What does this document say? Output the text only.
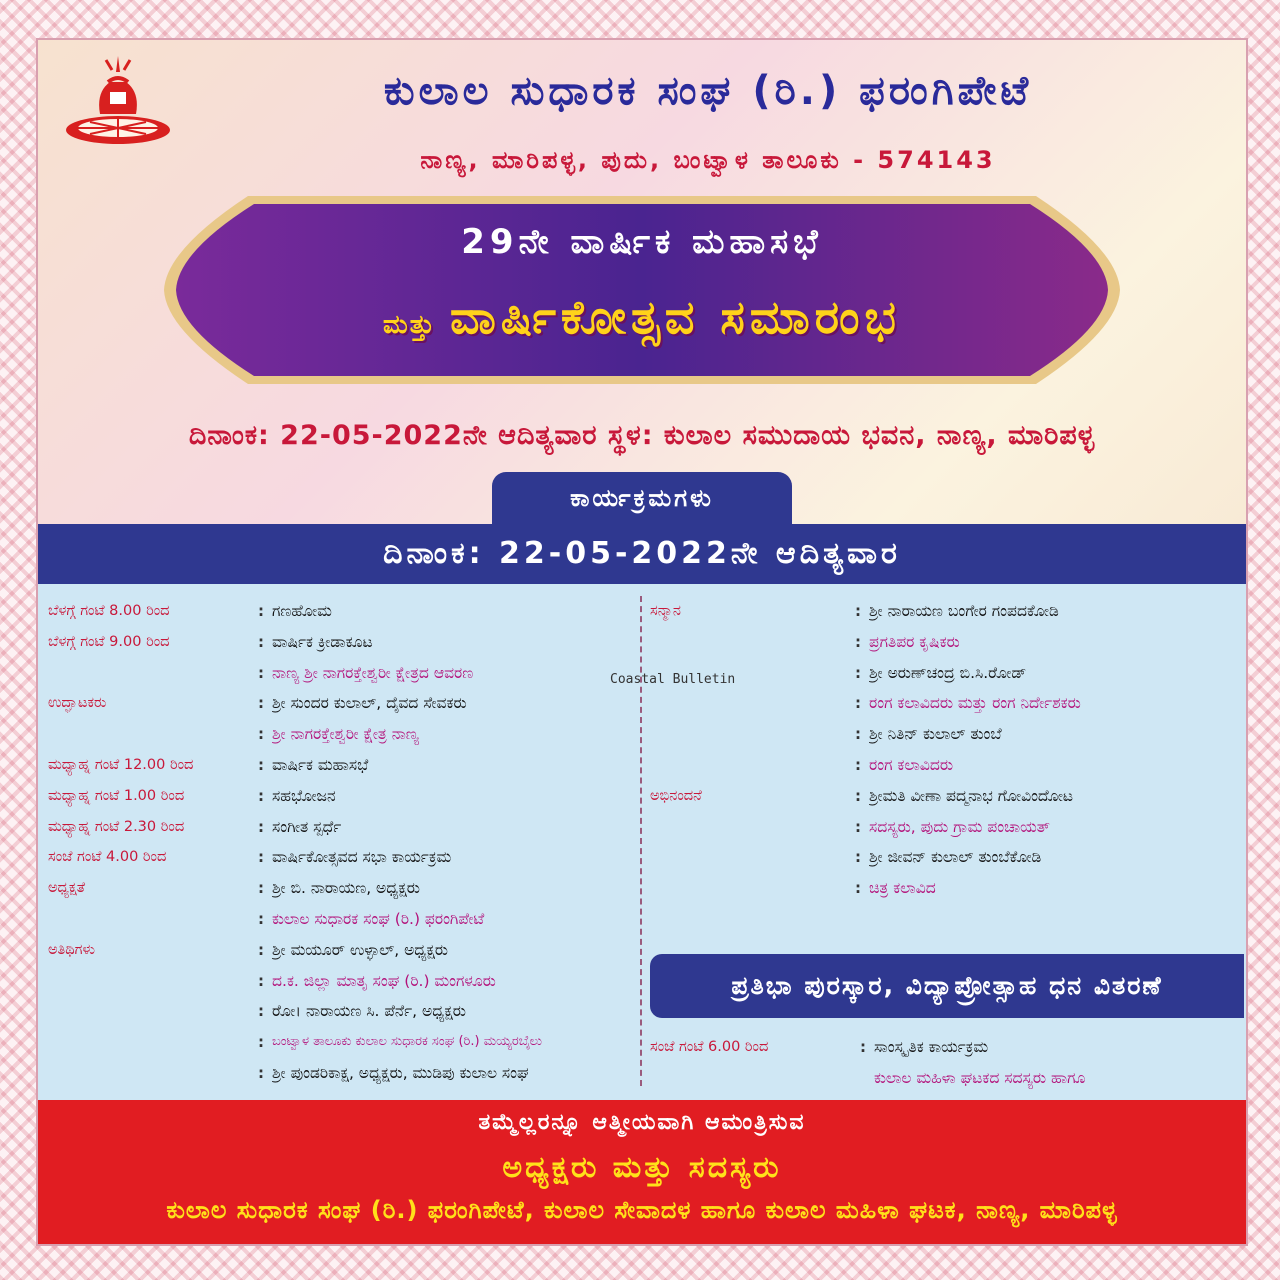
ಕುಲಾಲ ಸುಧಾರಕ ಸಂಘ (ರಿ.) ಫರಂಗಿಪೇಟೆ
ನಾಣ್ಯ, ಮಾರಿಪಳ್ಳ, ಪುದು, ಬಂಟ್ವಾಳ ತಾಲೂಕು - 574143
29ನೇ ವಾರ್ಷಿಕ ಮಹಾಸಭೆ
ಮತ್ತು ವಾರ್ಷಿಕೋತ್ಸವ ಸಮಾರಂಭ
ದಿನಾಂಕ: 22-05-2022ನೇ ಆದಿತ್ಯವಾರ ಸ್ಥಳ: ಕುಲಾಲ ಸಮುದಾಯ ಭವನ, ನಾಣ್ಯ, ಮಾರಿಪಳ್ಳ
ಕಾರ್ಯಕ್ರಮಗಳು
ದಿನಾಂಕ: 22-05-2022ನೇ ಆದಿತ್ಯವಾರ
ಬೆಳಗ್ಗೆ ಗಂಟೆ 8.00 ರಿಂದ	: ಗಣಹೋಮ
ಬೆಳಗ್ಗೆ ಗಂಟೆ 9.00 ರಿಂದ	: ವಾರ್ಷಿಕ ಕ್ರೀಡಾಕೂಟ
: ನಾಣ್ಯ ಶ್ರೀ ನಾಗರಕ್ತೇಶ್ವರೀ ಕ್ಷೇತ್ರದ ಆವರಣ
ಉದ್ಘಾಟಕರು	: ಶ್ರೀ ಸುಂದರ ಕುಲಾಲ್, ದೈವದ ಸೇವಕರು
: ಶ್ರೀ ನಾಗರಕ್ತೇಶ್ವರೀ ಕ್ಷೇತ್ರ ನಾಣ್ಯ
ಮಧ್ಯಾಹ್ನ ಗಂಟೆ 12.00 ರಿಂದ	: ವಾರ್ಷಿಕ ಮಹಾಸಭೆ
ಮಧ್ಯಾಹ್ನ ಗಂಟೆ 1.00 ರಿಂದ	: ಸಹಭೋಜನ
ಮಧ್ಯಾಹ್ನ ಗಂಟೆ 2.30 ರಿಂದ	: ಸಂಗೀತ ಸ್ಪರ್ಧೆ
ಸಂಜೆ ಗಂಟೆ 4.00 ರಿಂದ	: ವಾರ್ಷಿಕೋತ್ಸವದ ಸಭಾ ಕಾರ್ಯಕ್ರಮ
ಅಧ್ಯಕ್ಷತೆ	: ಶ್ರೀ ಬಿ. ನಾರಾಯಣ, ಅಧ್ಯಕ್ಷರು
: ಕುಲಾಲ ಸುಧಾರಕ ಸಂಘ (ರಿ.) ಫರಂಗಿಪೇಟೆ
ಅತಿಥಿಗಳು	: ಶ್ರೀ ಮಯೂರ್ ಉಳ್ಳಾಲ್, ಅಧ್ಯಕ್ಷರು
: ದ.ಕ. ಜಿಲ್ಲಾ ಮಾತೃ ಸಂಘ (ರಿ.) ಮಂಗಳೂರು
: ರೋ। ನಾರಾಯಣ ಸಿ. ಪೆರ್ನೆ, ಅಧ್ಯಕ್ಷರು
: ಬಂಟ್ವಾಳ ತಾಲೂಕು ಕುಲಾಲ ಸುಧಾರಕ ಸಂಘ (ರಿ.) ಮಯ್ಯರಬೈಲು
: ಶ್ರೀ ಪುಂಡರಿಕಾಕ್ಷ, ಅಧ್ಯಕ್ಷರು, ಮುಡಿಪು ಕುಲಾಲ ಸಂಘ
ಸನ್ಮಾನ	: ಶ್ರೀ ನಾರಾಯಣ ಬಂಗೇರ ಗಂಪದಕೋಡಿ
: ಪ್ರಗತಿಪರ ಕೃಷಿಕರು
: ಶ್ರೀ ಅರುಣ್‌ಚಂದ್ರ ಬಿ.ಸಿ.ರೋಡ್
: ರಂಗ ಕಲಾವಿದರು ಮತ್ತು ರಂಗ ನಿರ್ದೇಶಕರು
: ಶ್ರೀ ನಿತಿನ್ ಕುಲಾಲ್ ತುಂಬೆ
: ರಂಗ ಕಲಾವಿದರು
ಅಭಿನಂದನೆ	: ಶ್ರೀಮತಿ ವೀಣಾ ಪದ್ಮನಾಭ ಗೋವಿಂದೋಟ
: ಸದಸ್ಯರು, ಪುದು ಗ್ರಾಮ ಪಂಚಾಯತ್
: ಶ್ರೀ ಜೀವನ್ ಕುಲಾಲ್ ತುಂಬೆಕೋಡಿ
: ಚಿತ್ರ ಕಲಾವಿದ
ಪ್ರತಿಭಾ ಪುರಸ್ಕಾರ, ವಿದ್ಯಾಪ್ರೋತ್ಸಾಹ ಧನ ವಿತರಣೆ
ಸಂಜೆ ಗಂಟೆ 6.00 ರಿಂದ	: ಸಾಂಸ್ಕೃತಿಕ ಕಾರ್ಯಕ್ರಮ
ಕುಲಾಲ ಮಹಿಳಾ ಘಟಕದ ಸದಸ್ಯರು ಹಾಗೂ
Coastal Bulletin
ತಮ್ಮೆಲ್ಲರನ್ನೂ ಆತ್ಮೀಯವಾಗಿ ಆಮಂತ್ರಿಸುವ
ಅಧ್ಯಕ್ಷರು ಮತ್ತು ಸದಸ್ಯರು
ಕುಲಾಲ ಸುಧಾರಕ ಸಂಘ (ರಿ.) ಫರಂಗಿಪೇಟೆ, ಕುಲಾಲ ಸೇವಾದಳ ಹಾಗೂ ಕುಲಾಲ ಮಹಿಳಾ ಘಟಕ, ನಾಣ್ಯ, ಮಾರಿಪಳ್ಳ
